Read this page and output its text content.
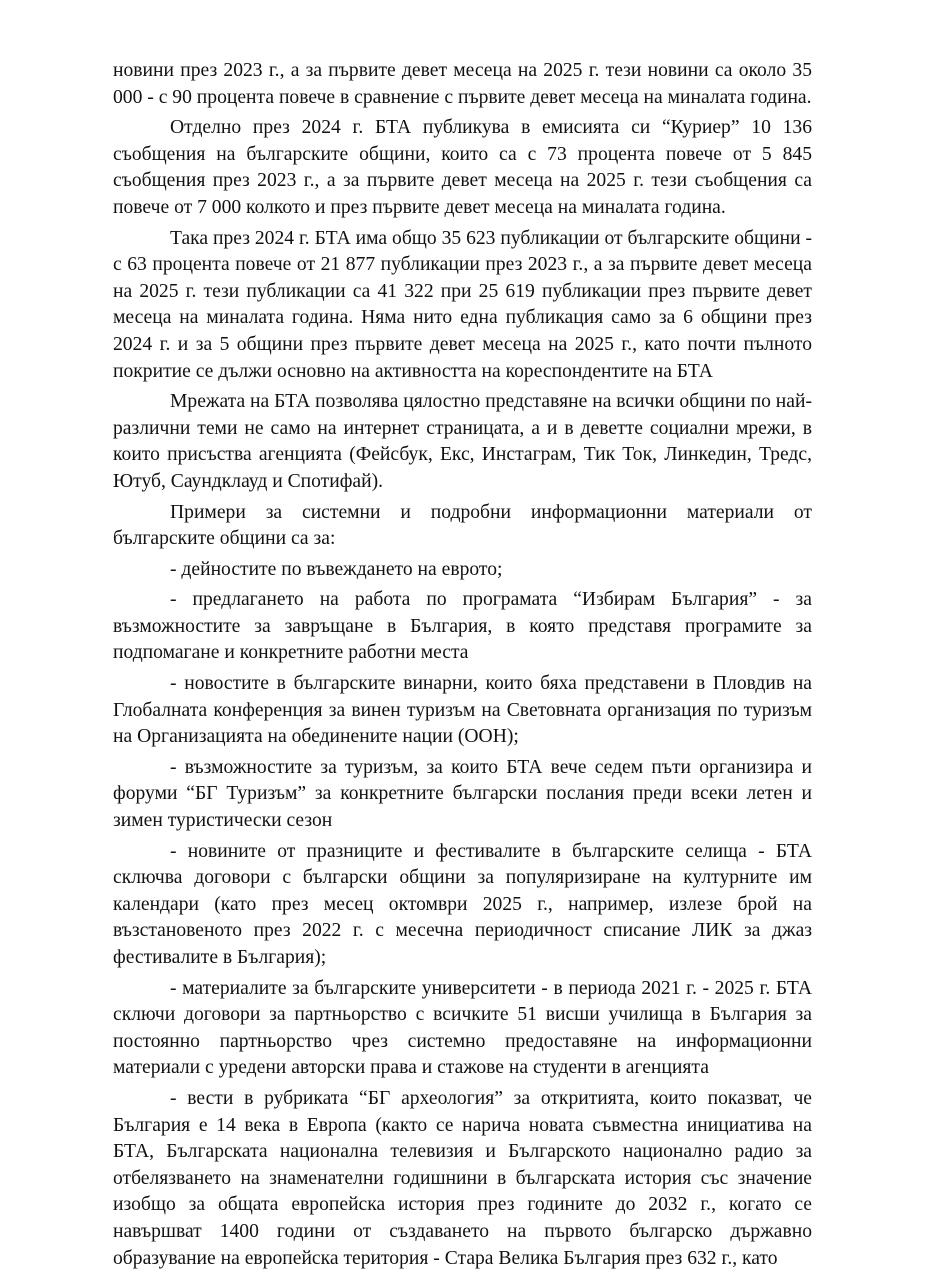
новини през 2023 г., а за първите девет месеца на 2025 г. тези новини са около 35 000 - с 90 процента повече в сравнение с първите девет месеца на миналата година.

Отделно през 2024 г. БТА публикува в емисията си “Куриер” 10 136 съобщения на българските общини, които са с 73 процента повече от 5 845 съобщения през 2023 г., а за първите девет месеца на 2025 г. тези съобщения са повече от 7 000 колкото и през първите девет месеца на миналата година.

Така през 2024 г. БТА има общо 35 623 публикации от българските общини - с 63 процента повече от 21 877 публикации през 2023 г., а за първите девет месеца на 2025 г. тези публикации са 41 322 при 25 619 публикации през първите девет месеца на миналата година. Няма нито една публикация само за 6 общини през 2024 г. и за 5 общини през първите девет месеца на 2025 г., като почти пълното покритие се дължи основно на активността на кореспондентите на БТА

Мрежата на БТА позволява цялостно представяне на всички общини по най-различни теми не само на интернет страницата, а и в деветте социални мрежи, в които присъства агенцията (Фейсбук, Екс, Инстаграм, Тик Ток, Линкедин, Тредс, Ютуб, Саундклауд и Спотифай).

Примери за системни и подробни информационни материали от българските общини са за:

- дейностите по въвеждането на еврото;

- предлагането на работа по програмата “Избирам България” - за възможностите за завръщане в България, в която представя програмите за подпомагане и конкретните работни места

- новостите в българските винарни, които бяха представени в Пловдив на Глобалната конференция за винен туризъм на Световната организация по туризъм на Организацията на обединените нации (ООН);

- възможностите за туризъм, за които БТА вече седем пъти организира и форуми “БГ Туризъм” за конкретните български послания преди всеки летен и зимен туристически сезон

- новините от празниците и фестивалите в българските селища - БТА сключва договори с български общини за популяризиране на културните им календари (като през месец октомври 2025 г., например, излезе брой на възстановеното през 2022 г. с месечна периодичност списание ЛИК за джаз фестивалите в България);

- материалите за българските университети - в периода 2021 г. - 2025 г. БТА сключи договори за партньорство с всичките 51 висши училища в България за постоянно партньорство чрез системно предоставяне на информационни материали с уредени авторски права и стажове на студенти в агенцията

- вести в рубриката “БГ археология” за откритията, които показват, че България е 14 века в Европа (както се нарича новата съвместна инициатива на БТА, Българската национална телевизия и Българското национално радио за отбелязването на знаменателни годишнини в българската история със значение изобщо за общата европейска история през годините до 2032 г., когато се навършват 1400 години от създаването на първото българско държавно образувание на европейска територия - Стара Велика България през 632 г., като
